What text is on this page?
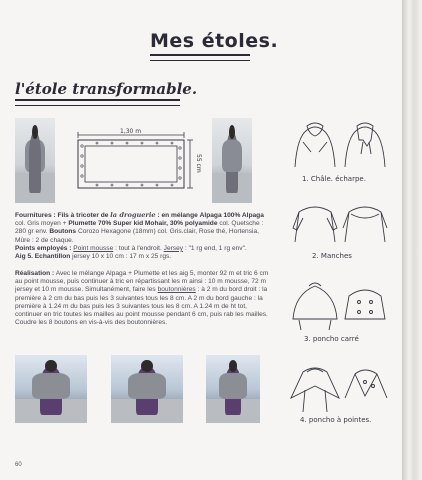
Mes étoles.
l'étole transformable.
1,30 m
55 cm
Fournitures : Fils à tricoter de la droguerie : en mélange Alpaga 100% Alpaga col. Gris moyen + Plumette 70% Super kid Mohair, 30% polyamide col. Quetsche : 280 gr env. Boutons Corozo Hexagone (18mm) col. Gris.clair, Rose thé, Hortensia, Mûre : 2 de chaque.
Points employés : Point mousse : tout à l'endroit. Jersey : "1 rg end, 1 rg env".
Aig 5. Echantillon jersey 10 x 10 cm : 17 m x 25 rgs.
Réalisation : Avec le mélange Alpaga + Plumette et les aig 5, monter 92 m et tric 6 cm au point mousse, puis continuer à tric en répartissant les m ainsi : 10 m mousse, 72 m jersey et 10 m mousse. Simultanément, faire les boutonnières : à 2 m du bord droit : la première à 2 cm du bas puis les 3 suivantes tous les 8 cm. A 2 m du bord gauche : la première à 1.24 m du bas puis les 3 suivantes tous les 8 cm. A 1.24 m de ht tot, continuer en tric toutes les mailles au point mousse pendant 6 cm, puis rab les mailles. Coudre les 8 boutons en vis-à-vis des boutonnières.
1. Châle. écharpe.
2. Manches
3. poncho carré
4. poncho à pointes.
60
